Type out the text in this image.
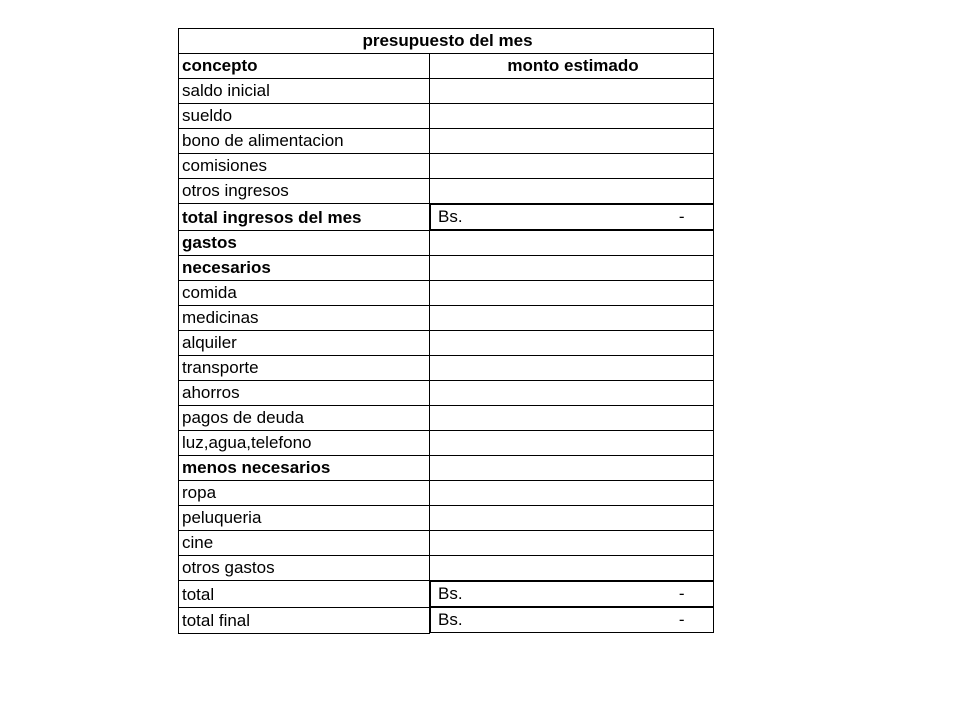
presupuesto del mes	
concepto	monto estimado
saldo inicial	
sueldo	
bono de alimentacion	
comisiones	
otros ingresos	
total ingresos del mes		Bs.	-

gastos	
necesarios	
comida	
medicinas	
alquiler	
transporte	
ahorros	
pagos de deuda	
luz,agua,telefono	
menos necesarios	
ropa	
peluqueria	
cine	
otros gastos	
total		Bs.	-

total final		Bs.	-
